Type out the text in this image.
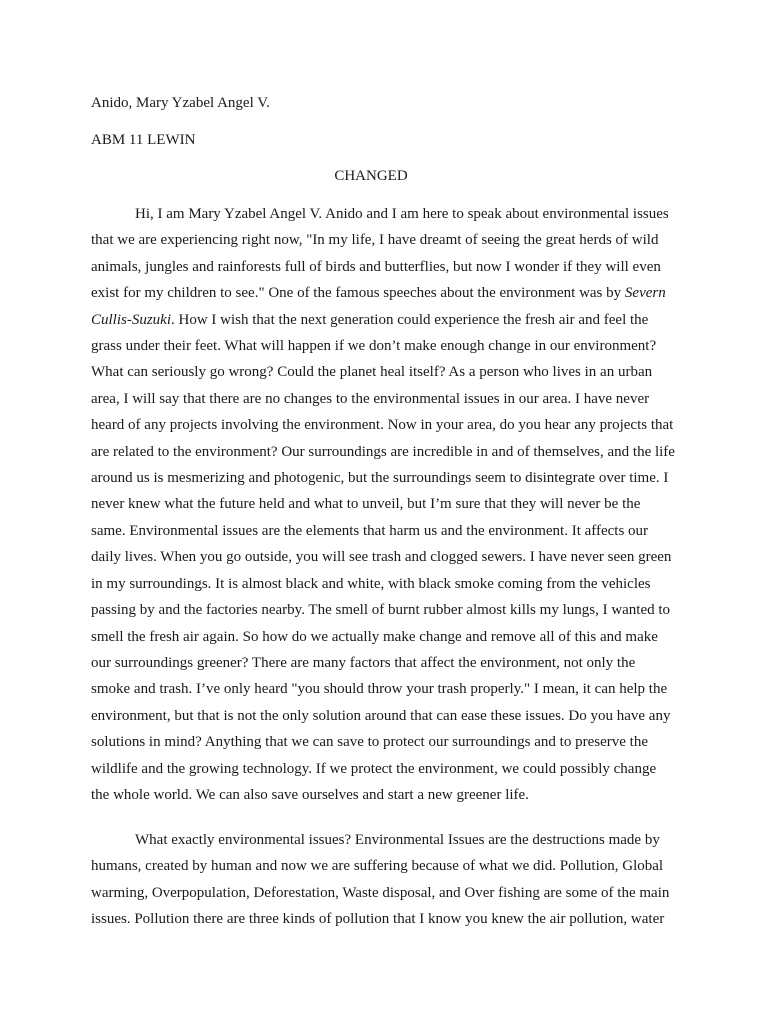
Anido, Mary Yzabel Angel V.
ABM 11 LEWIN
CHANGED

Hi, I am Mary Yzabel Angel V. Anido and I am here to speak about environmental issues
that we are experiencing right now, "In my life, I have dreamt of seeing the great herds of wild
animals, jungles and rainforests full of birds and butterflies, but now I wonder if they will even
exist for my children to see." One of the famous speeches about the environment was by Severn
Cullis-Suzuki. How I wish that the next generation could experience the fresh air and feel the
grass under their feet. What will happen if we don’t make enough change in our environment?
What can seriously go wrong? Could the planet heal itself? As a person who lives in an urban
area, I will say that there are no changes to the environmental issues in our area. I have never
heard of any projects involving the environment. Now in your area, do you hear any projects that
are related to the environment? Our surroundings are incredible in and of themselves, and the life
around us is mesmerizing and photogenic, but the surroundings seem to disintegrate over time. I
never knew what the future held and what to unveil, but I’m sure that they will never be the
same. Environmental issues are the elements that harm us and the environment. It affects our
daily lives. When you go outside, you will see trash and clogged sewers. I have never seen green
in my surroundings. It is almost black and white, with black smoke coming from the vehicles
passing by and the factories nearby. The smell of burnt rubber almost kills my lungs, I wanted to
smell the fresh air again. So how do we actually make change and remove all of this and make
our surroundings greener? There are many factors that affect the environment, not only the
smoke and trash. I’ve only heard "you should throw your trash properly." I mean, it can help the
environment, but that is not the only solution around that can ease these issues. Do you have any
solutions in mind? Anything that we can save to protect our surroundings and to preserve the
wildlife and the growing technology. If we protect the environment, we could possibly change
the whole world. We can also save ourselves and start a new greener life.

What exactly environmental issues? Environmental Issues are the destructions made by
humans, created by human and now we are suffering because of what we did. Pollution, Global
warming, Overpopulation, Deforestation, Waste disposal, and Over fishing are some of the main
issues. Pollution there are three kinds of pollution that I know you knew the air pollution, water
